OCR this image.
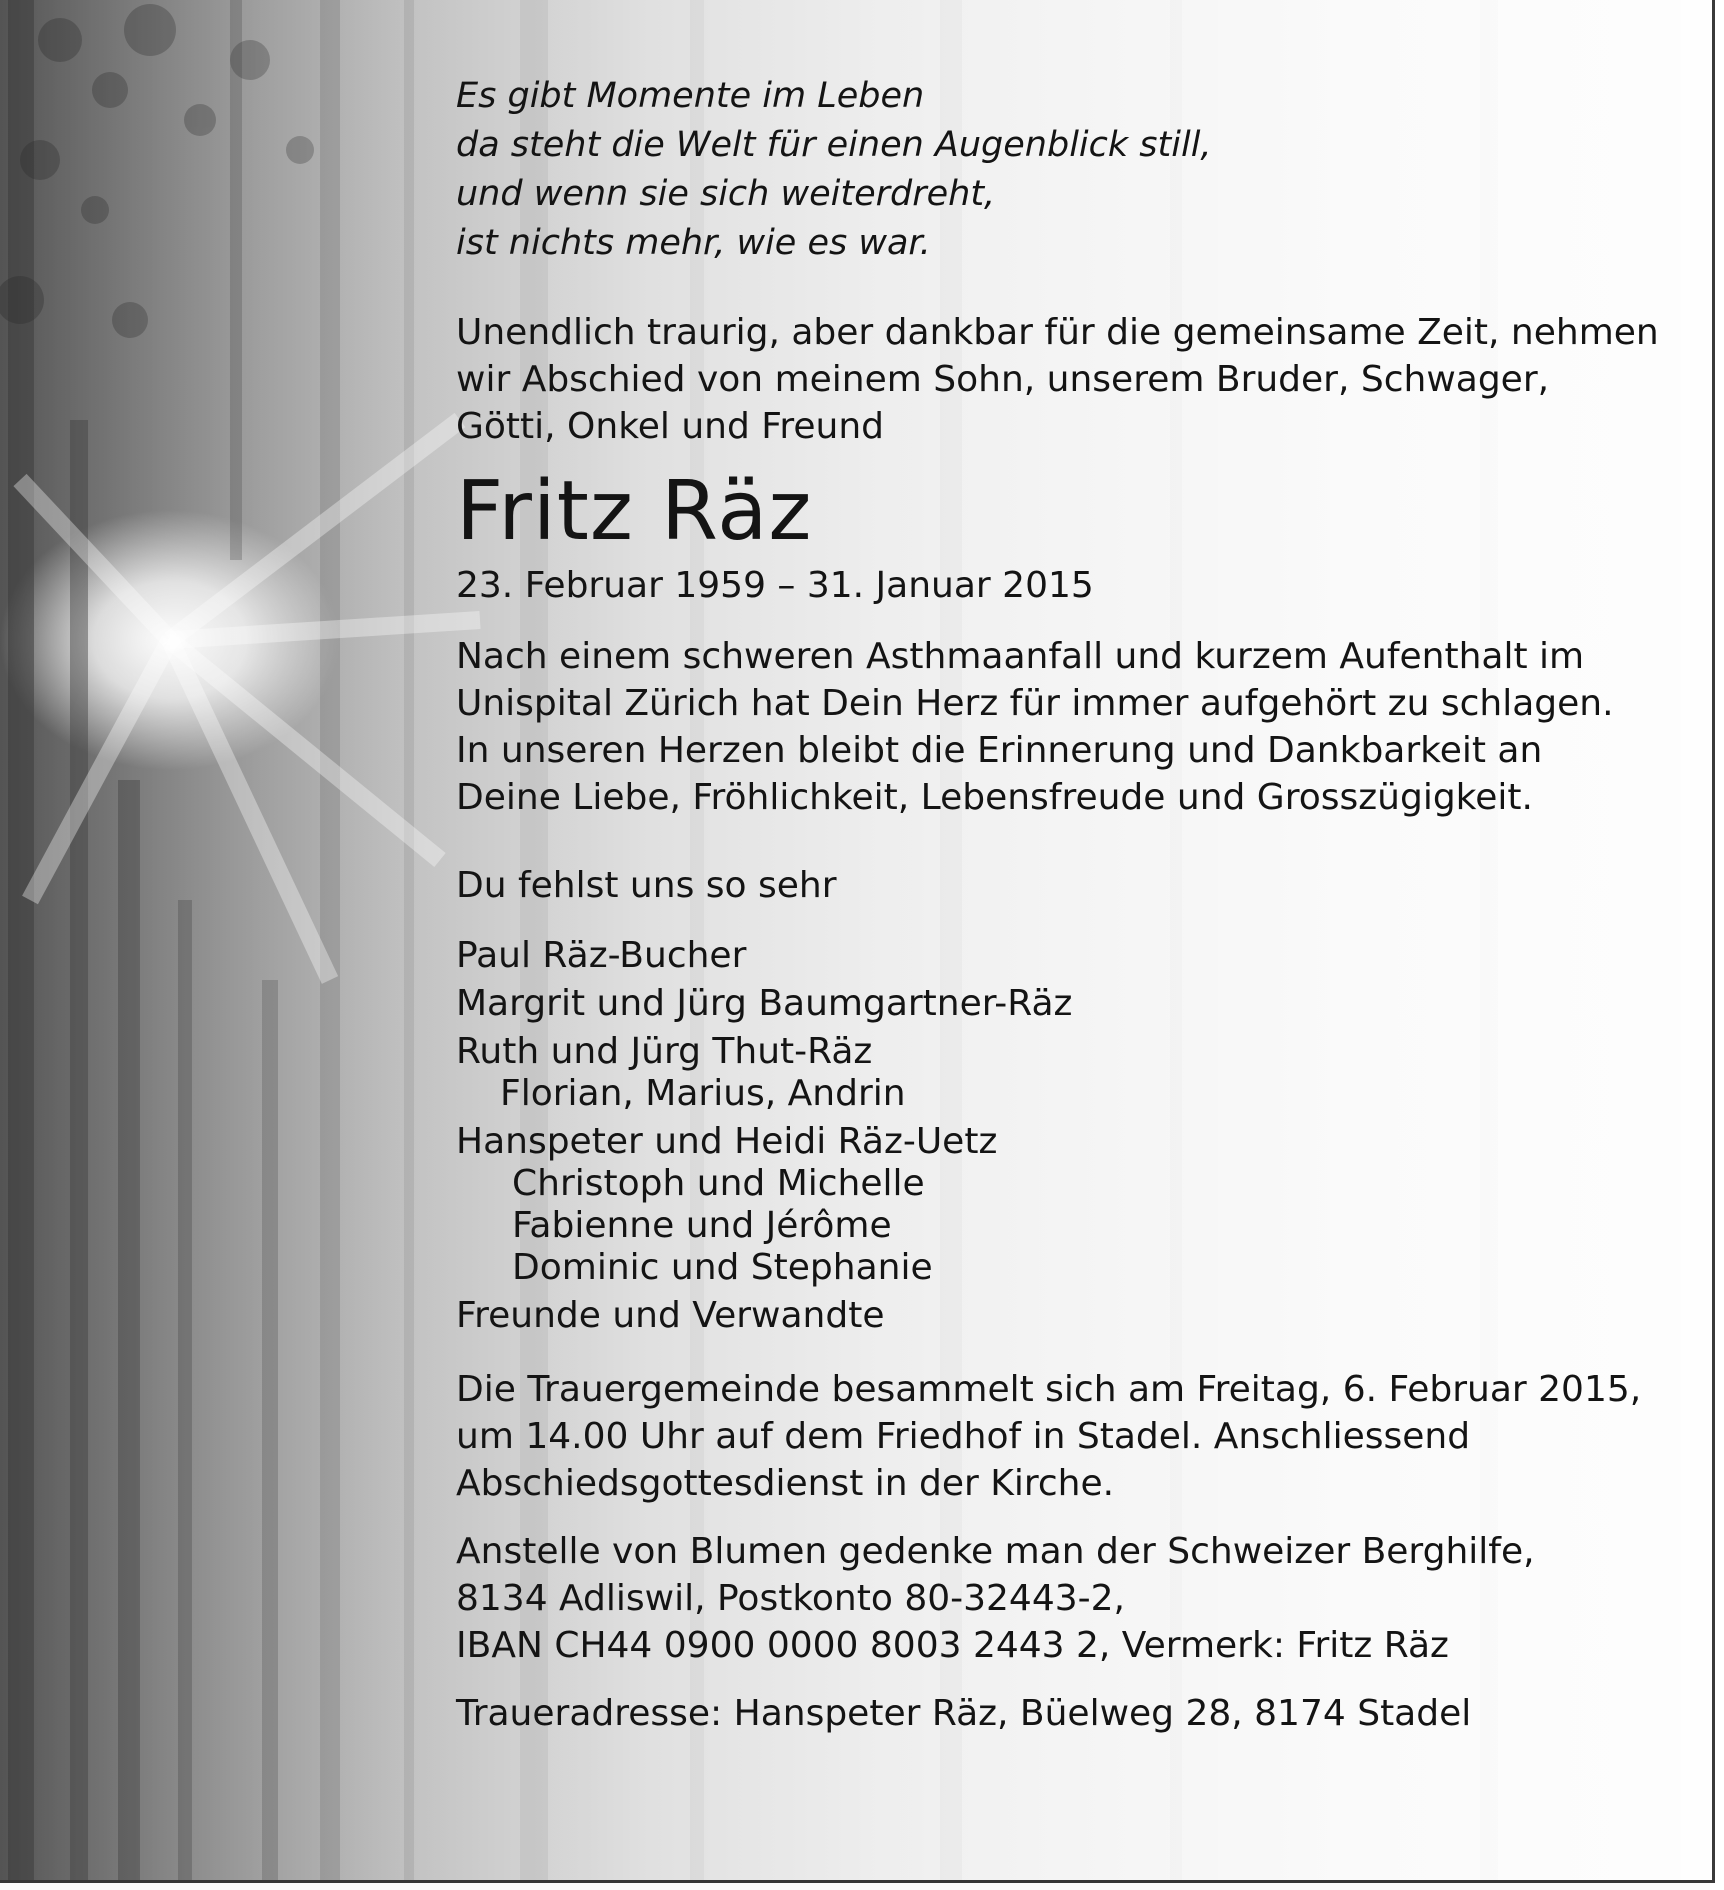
Es gibt Momente im Leben
da steht die Welt für einen Augenblick still,
und wenn sie sich weiterdreht,
ist nichts mehr, wie es war.
Unendlich traurig, aber dankbar für die gemeinsame Zeit, nehmen
wir Abschied von meinem Sohn, unserem Bruder, Schwager,
Götti, Onkel und Freund
Fritz Räz
23. Februar 1959 – 31. Januar 2015
Nach einem schweren Asthmaanfall und kurzem Aufenthalt im
Unispital Zürich hat Dein Herz für immer aufgehört zu schlagen.
In unseren Herzen bleibt die Erinnerung und Dankbarkeit an
Deine Liebe, Fröhlichkeit, Lebensfreude und Grosszügigkeit.
Du fehlst uns so sehr
Paul Räz-Bucher
Margrit und Jürg Baumgartner-Räz
Ruth und Jürg Thut-Räz
Florian, Marius, Andrin
Hanspeter und Heidi Räz-Uetz
Christoph und Michelle
Fabienne und Jérôme
Dominic und Stephanie
Freunde und Verwandte
Die Trauergemeinde besammelt sich am Freitag, 6. Februar 2015,
um 14.00 Uhr auf dem Friedhof in Stadel. Anschliessend
Abschiedsgottesdienst in der Kirche.
Anstelle von Blumen gedenke man der Schweizer Berghilfe,
8134 Adliswil, Postkonto 80-32443-2,
IBAN CH44 0900 0000 8003 2443 2, Vermerk: Fritz Räz
Traueradresse: Hanspeter Räz, Büelweg 28, 8174 Stadel
